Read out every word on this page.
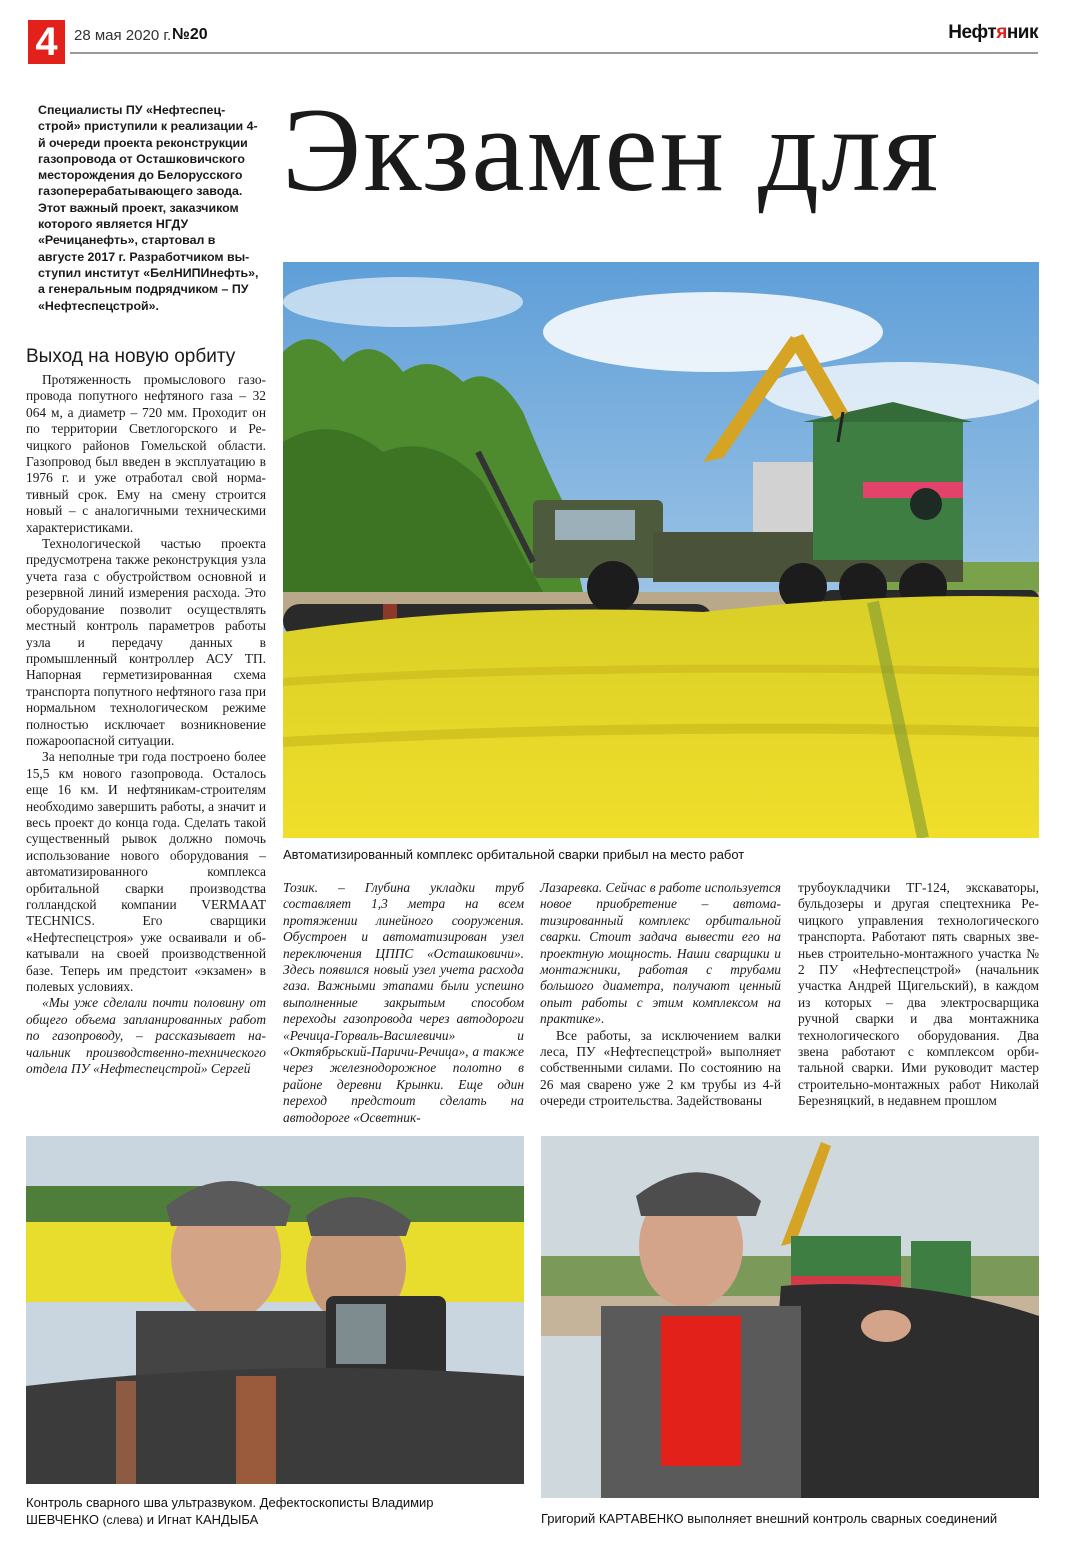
4	28 мая 2020 г. №20	Нефтяник
Специалисты ПУ «Нефтеспецстрой» приступили к реализации 4-й очереди проекта реконструкции газопровода от Осташковичского месторождения до Белорусского газоперерабатывающего завода. Этот важный проект, заказчиком которого является НГДУ «Речицанефть», стартовал в августе 2017 г. Разработчиком выступил институт «БелНИПИнефть», а генеральным подрядчиком – ПУ «Нефтеспецстрой».
Экзамен для
Автоматизированный комплекс орбитальной сварки прибыл на место работ
Выход на новую орбиту

Протяженность промыслового газопровода попутного нефтяного газа – 32 064 м, а диаметр – 720 мм. Проходит он по территории Светлогорского и Речицкого районов Гомельской области. Газопровод был введен в эксплуатацию в 1976 г. и уже отработал свой нормативный срок. Ему на смену строится новый – с аналогичными техническими характеристиками.

Технологической частью проекта предусмотрена также реконструкция узла учета газа с обустройством основной и резервной линий измерения расхода. Это оборудование позволит осуществлять местный контроль параметров работы узла и передачу данных в промышленный контроллер АСУ ТП. Напорная герметизированная схема транспорта попутного нефтяного газа при нормальном технологическом режиме полностью исключает возникновение пожароопасной ситуации.

За неполные три года построено более 15,5 км нового газопровода. Осталось еще 16 км. И нефтяникам-строителям необходимо завершить работы, а значит и весь проект до конца года. Сделать такой существенный рывок должно помочь использование нового оборудования – автоматизированного комплекса орбитальной сварки производства голландской компании VERMAAT TECHNICS. Его сварщики «Нефтеспецстроя» уже осваивали и обкатывали на своей производственной базе. Теперь им предстоит «экзамен» в полевых условиях.

«Мы уже сделали почти половину от общего объема запланированных работ по газопроводу, – рассказывает начальник производственно-технического отдела ПУ «Нефтеспецстрой» Сергей

Тозик. – Глубина укладки труб составляет 1,3 метра на всем протяжении линейного сооружения. Обустроен и автоматизирован узел переключения ЦППС «Осташковичи». Здесь появился новый узел учета расхода газа. Важными этапами были успешно выполненные закрытым способом переходы газопровода через автодороги «Речица-Горваль-Василевичи» и «Октябрьский-Паричи-Речица», а также через железнодорожное полотно в районе деревни Крынки. Еще один переход предстоит сделать на автодороге «Осветник-

Лазаревка. Сейчас в работе используется новое приобретение – автоматизированный комплекс орбитальной сварки. Стоит задача вывести его на проектную мощность. Наши сварщики и монтажники, работая с трубами большого диаметра, получают ценный опыт работы с этим комплексом на практике».

Все работы, за исключением валки леса, ПУ «Нефтеспецстрой» выполняет собственными силами. По состоянию на 26 мая сварено уже 2 км трубы из 4-й очереди строительства. Задействованы

трубоукладчики ТГ-124, экскаваторы, бульдозеры и другая спецтехника Речицкого управления технологического транспорта. Работают пять сварных звеньев строительно-монтажного участка № 2 ПУ «Нефтеспецстрой» (начальник участка Андрей Щигельский), в каждом из которых – два электросварщика ручной сварки и два монтажника технологического оборудования. Два звена работают с комплексом орбитальной сварки. Ими руководит мастер строительно-монтажных работ Николай Березняцкий, в недавнем прошлом

Контроль сварного шва ультразвуком. Дефектоскописты Владимир
ШЕВЧЕНКО (слева) и Игнат КАНДЫБА	Григорий КАРТАВЕНКО выполняет внешний контроль сварных соединений
